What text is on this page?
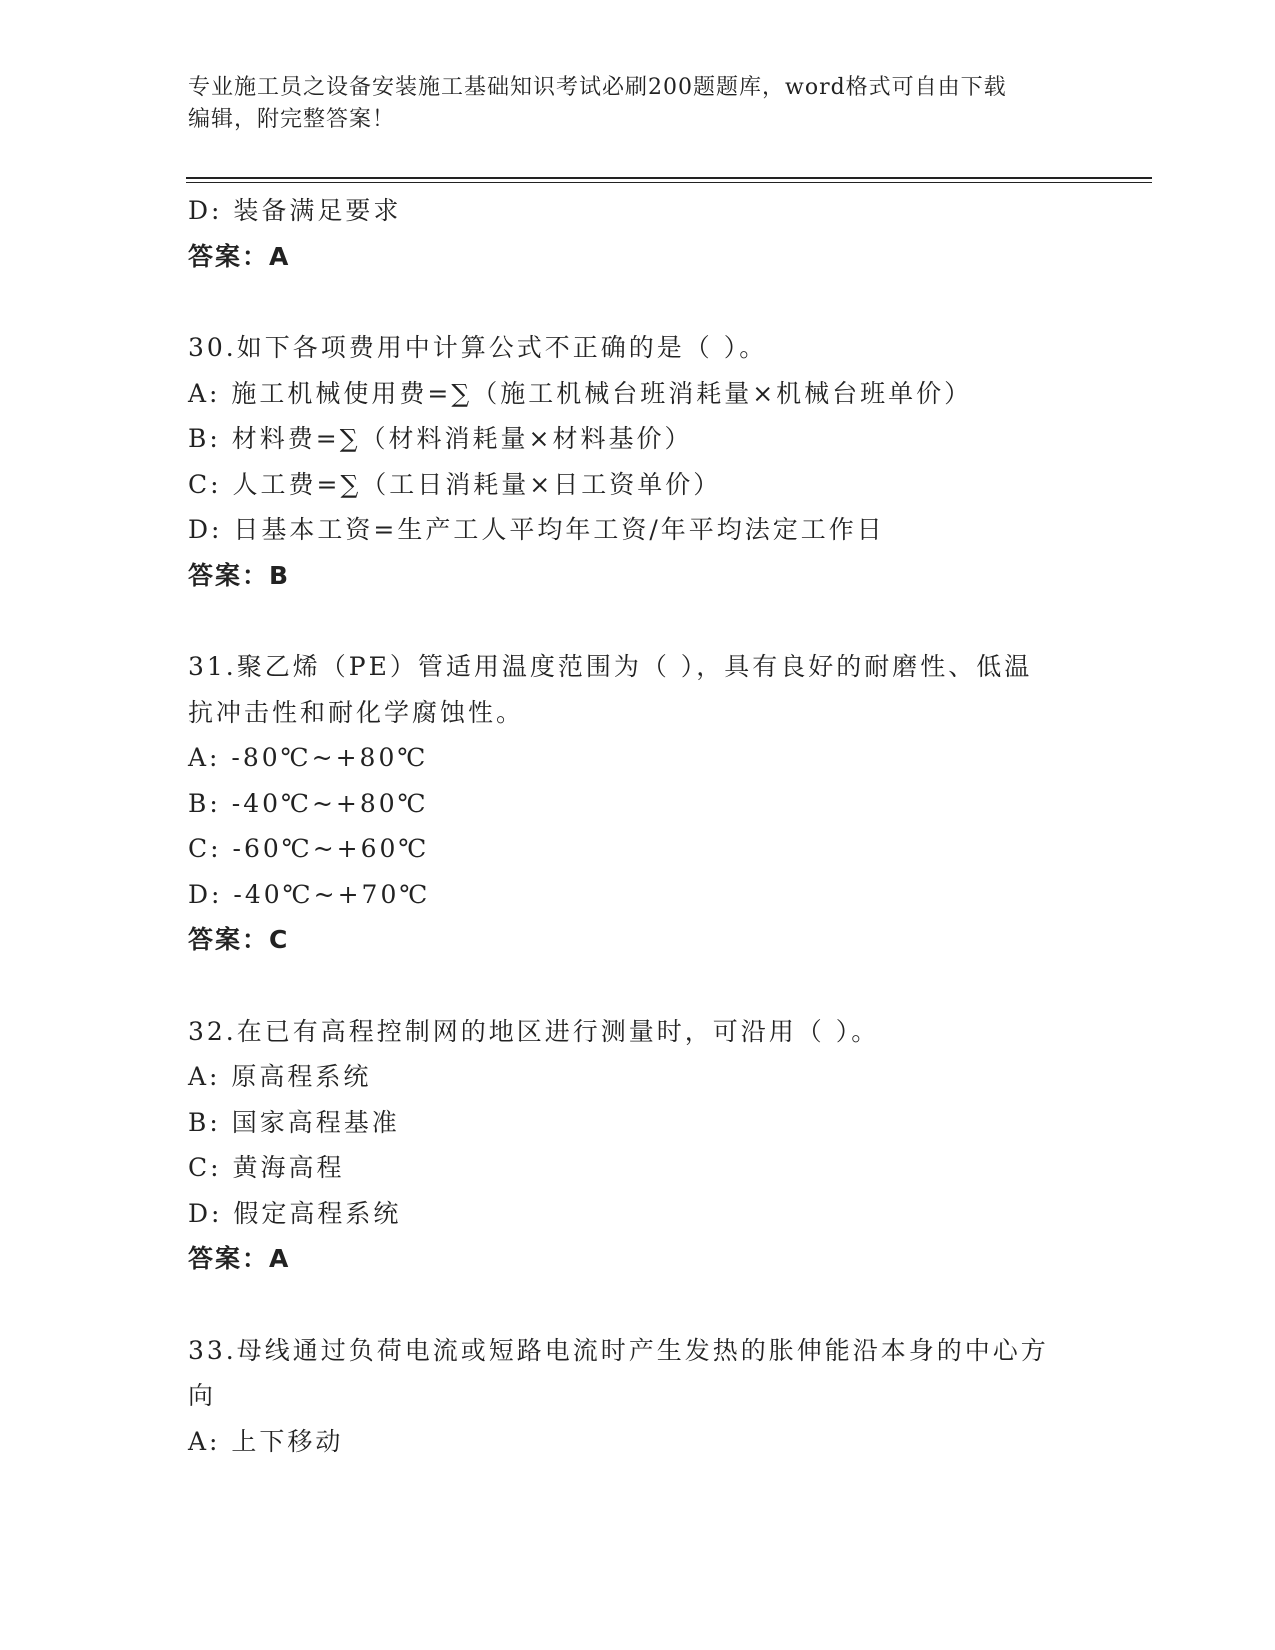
专业施工员之设备安装施工基础知识考试必刷200题题库，word格式可自由下载
编辑，附完整答案！
D: 装备满足要求
答案：A
30.如下各项费用中计算公式不正确的是（ ）。
A: 施工机械使用费=∑（施工机械台班消耗量×机械台班单价）
B: 材料费=∑（材料消耗量×材料基价）
C: 人工费=∑（工日消耗量×日工资单价）
D: 日基本工资=生产工人平均年工资/年平均法定工作日
答案：B
31.聚乙烯（PE）管适用温度范围为（ ），具有良好的耐磨性、低温
抗冲击性和耐化学腐蚀性。
A: -80℃~+80℃
B: -40℃~+80℃
C: -60℃~+60℃
D: -40℃~+70℃
答案：C
32.在已有高程控制网的地区进行测量时，可沿用（ ）。
A: 原高程系统
B: 国家高程基准
C: 黄海高程
D: 假定高程系统
答案：A
33.母线通过负荷电流或短路电流时产生发热的胀伸能沿本身的中心方
向
A: 上下移动
